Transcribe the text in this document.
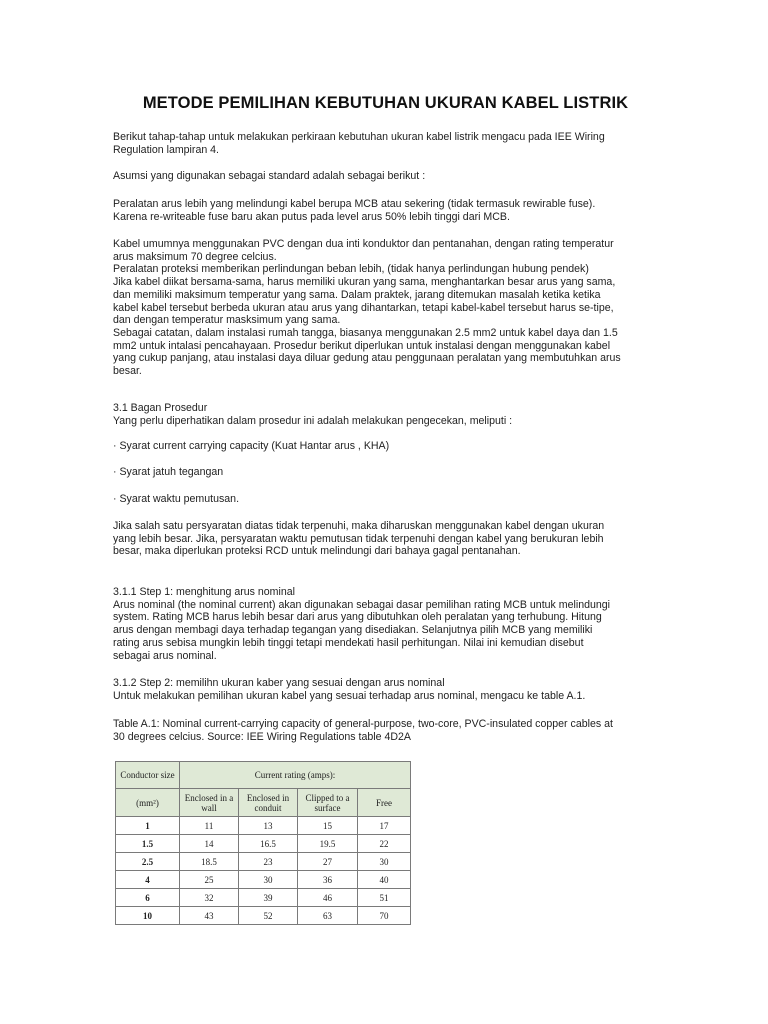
METODE PEMILIHAN KEBUTUHAN UKURAN KABEL LISTRIK
Berikut tahap-tahap untuk melakukan perkiraan kebutuhan ukuran kabel listrik mengacu pada IEE Wiring
Regulation lampiran 4.
Asumsi yang digunakan sebagai standard adalah sebagai berikut :
Peralatan arus lebih yang melindungi kabel berupa MCB atau sekering (tidak termasuk rewirable fuse).
Karena re-writeable fuse baru akan putus pada level arus 50% lebih tinggi dari MCB.
Kabel umumnya menggunakan PVC dengan dua inti konduktor dan pentanahan, dengan rating temperatur
arus maksimum 70 degree celcius.
Peralatan proteksi memberikan perlindungan beban lebih, (tidak hanya perlindungan hubung pendek)
Jika kabel diikat bersama-sama, harus memiliki ukuran yang sama, menghantarkan besar arus yang sama,
dan memiliki maksimum temperatur yang sama. Dalam praktek, jarang ditemukan masalah ketika ketika
kabel kabel tersebut berbeda ukuran atau arus yang dihantarkan, tetapi kabel-kabel tersebut harus se-tipe,
dan dengan temperatur masksimum yang sama.
Sebagai catatan, dalam instalasi rumah tangga, biasanya menggunakan 2.5 mm2 untuk kabel daya dan 1.5
mm2 untuk intalasi pencahayaan. Prosedur berikut diperlukan untuk instalasi dengan menggunakan kabel
yang cukup panjang, atau instalasi daya diluar gedung atau penggunaan peralatan yang membutuhkan arus
besar.
3.1 Bagan Prosedur
Yang perlu diperhatikan dalam prosedur ini adalah melakukan pengecekan, meliputi :
· Syarat current carrying capacity (Kuat Hantar arus , KHA)
· Syarat jatuh tegangan
· Syarat waktu pemutusan.
Jika salah satu persyaratan diatas tidak terpenuhi, maka diharuskan menggunakan kabel dengan ukuran
yang lebih besar. Jika, persyaratan waktu pemutusan tidak terpenuhi dengan kabel yang berukuran lebih
besar, maka diperlukan proteksi RCD untuk melindungi dari bahaya gagal pentanahan.
3.1.1 Step 1: menghitung arus nominal
Arus nominal (the nominal current) akan digunakan sebagai dasar pemilihan rating MCB untuk melindungi
system. Rating MCB harus lebih besar dari arus yang dibutuhkan oleh peralatan yang terhubung. Hitung
arus dengan membagi daya terhadap tegangan yang disediakan. Selanjutnya pilih MCB yang memiliki
rating arus sebisa mungkin lebih tinggi tetapi mendekati hasil perhitungan. Nilai ini kemudian disebut
sebagai arus nominal.
3.1.2 Step 2: memilihn ukuran kaber yang sesuai dengan arus nominal
Untuk melakukan pemilihan ukuran kabel yang sesuai terhadap arus nominal, mengacu ke table A.1.
Table A.1: Nominal current-carrying capacity of general-purpose, two-core, PVC-insulated copper cables at
30 degrees celcius. Source: IEE Wiring Regulations table 4D2A
Conductor size	Current rating (amps):			
(mm²)	Enclosed in a wall	Enclosed in conduit	Clipped to a surface	Free
1	11	13	15	17
1.5	14	16.5	19.5	22
2.5	18.5	23	27	30
4	25	30	36	40
6	32	39	46	51
10	43	52	63	70
